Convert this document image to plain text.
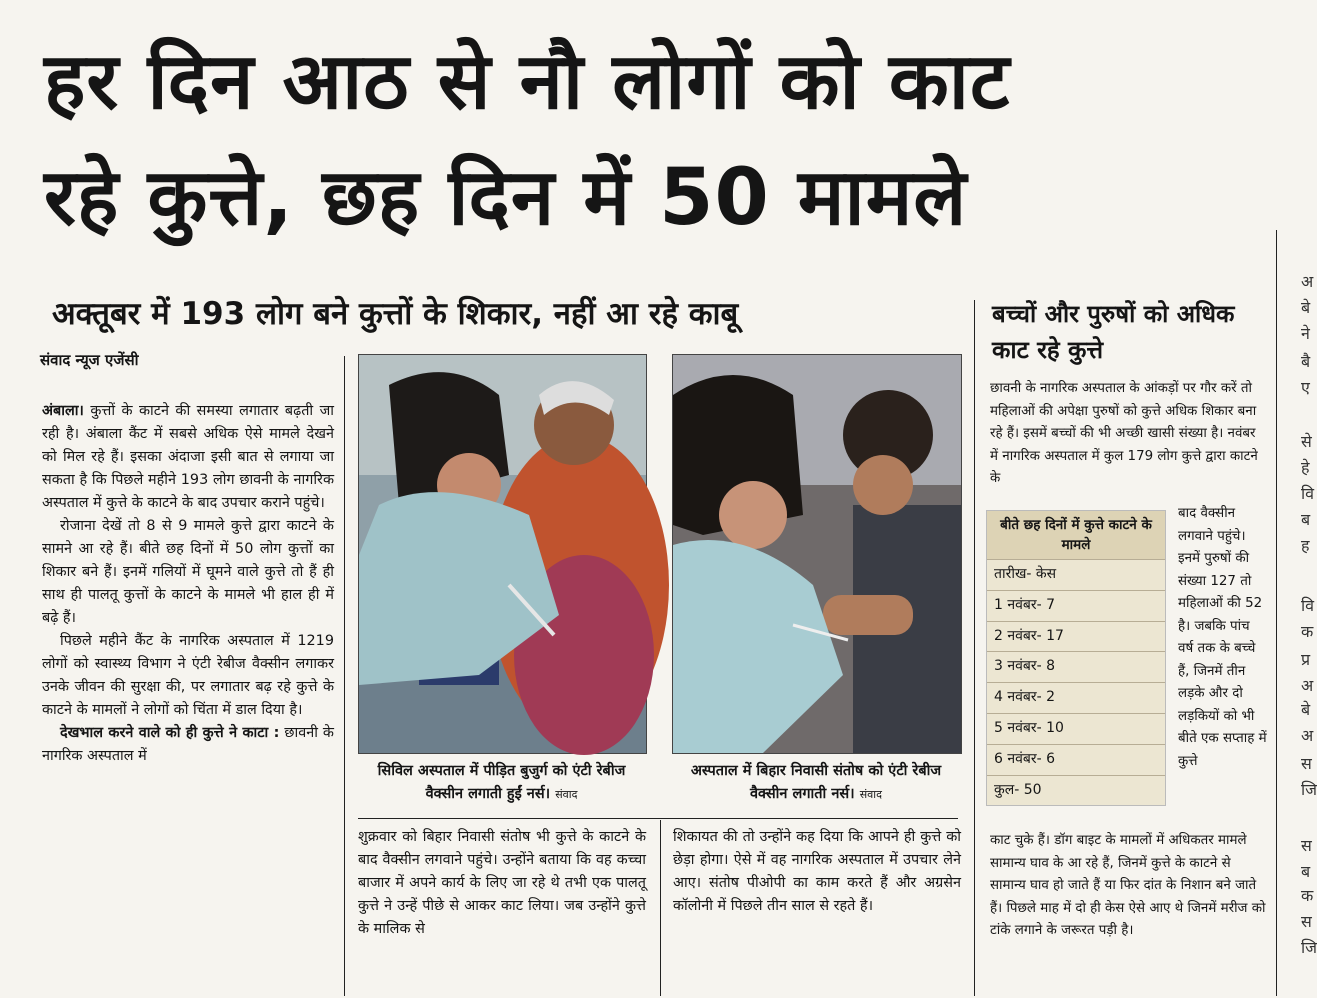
हर दिन आठ से नौ लोगों को काट
रहे कुत्ते, छह दिन में 50 मामले
अक्तूबर में 193 लोग बने कुत्तों के शिकार, नहीं आ रहे काबू
संवाद न्यूज एजेंसी

अंबाला। कुत्तों के काटने की समस्या लगातार बढ़ती जा रही है। अंबाला कैंट में सबसे अधिक ऐसे मामले देखने को मिल रहे हैं। इसका अंदाजा इसी बात से लगाया जा सकता है कि पिछले महीने 193 लोग छावनी के नागरिक अस्पताल में कुत्ते के काटने के बाद उपचार कराने पहुंचे।

रोजाना देखें तो 8 से 9 मामले कुत्ते द्वारा काटने के सामने आ रहे हैं। बीते छह दिनों में 50 लोग कुत्तों का शिकार बने हैं। इनमें गलियों में घूमने वाले कुत्ते तो हैं ही साथ ही पालतू कुत्तों के काटने के मामले भी हाल ही में बढ़े हैं।

पिछले महीने कैंट के नागरिक अस्पताल में 1219 लोगों को स्वास्थ्य विभाग ने एंटी रेबीज वैक्सीन लगाकर उनके जीवन की सुरक्षा की, पर लगातार बढ़ रहे कुत्ते के काटने के मामलों ने लोगों को चिंता में डाल दिया है।

देखभाल करने वाले को ही कुत्ते ने काटा : छावनी के नागरिक अस्पताल में

सिविल अस्पताल में पीड़ित बुजुर्ग को एंटी रेबीज वैक्सीन लगाती हुईं नर्स। संवाद
अस्पताल में बिहार निवासी संतोष को एंटी रेबीज वैक्सीन लगाती नर्स। संवाद
शुक्रवार को बिहार निवासी संतोष भी कुत्ते के काटने के बाद वैक्सीन लगवाने पहुंचे। उन्होंने बताया कि वह कच्चा बाजार में अपने कार्य के लिए जा रहे थे तभी एक पालतू कुत्ते ने उन्हें पीछे से आकर काट लिया। जब उन्होंने कुत्ते के मालिक से
शिकायत की तो उन्होंने कह दिया कि आपने ही कुत्ते को छेड़ा होगा। ऐसे में वह नागरिक अस्पताल में उपचार लेने आए। संतोष पीओपी का काम करते हैं और अग्रसेन कॉलोनी में पिछले तीन साल से रहते हैं।
बच्चों और पुरुषों को अधिक काट रहे कुत्ते
छावनी के नागरिक अस्पताल के आंकड़ों पर गौर करें तो महिलाओं की अपेक्षा पुरुषों को कुत्ते अधिक शिकार बना रहे हैं। इसमें बच्चों की भी अच्छी खासी संख्या है। नवंबर में नागरिक अस्पताल में कुल 179 लोग कुत्ते द्वारा काटने के
बाद वैक्सीन लगवाने पहुंचे। इनमें पुरुषों की संख्या 127 तो महिलाओं की 52 है। जबकि पांच वर्ष तक के बच्चे हैं, जिनमें तीन लड़के और दो लड़कियों को भी बीते एक सप्ताह में कुत्ते
काट चुके हैं। डॉग बाइट के मामलों में अधिकतर मामले सामान्य घाव के आ रहे हैं, जिनमें कुत्ते के काटने से सामान्य घाव हो जाते हैं या फिर दांत के निशान बने जाते हैं। पिछले माह में दो ही केस ऐसे आए थे जिनमें मरीज को टांके लगाने के जरूरत पड़ी है।
बीते छह दिनों में कुत्ते काटने के मामले
तारीख- केस
1 नवंबर- 7
2 नवंबर- 17
3 नवंबर- 8
4 नवंबर- 2
5 नवंबर- 10
6 नवंबर- 6
कुल- 50
अ
बे
ने
बै
ए
से
हे
वि
ब
ह
वि
क
प्र
अ
बे
अ
स
जि
स
ब
क
स
जि
